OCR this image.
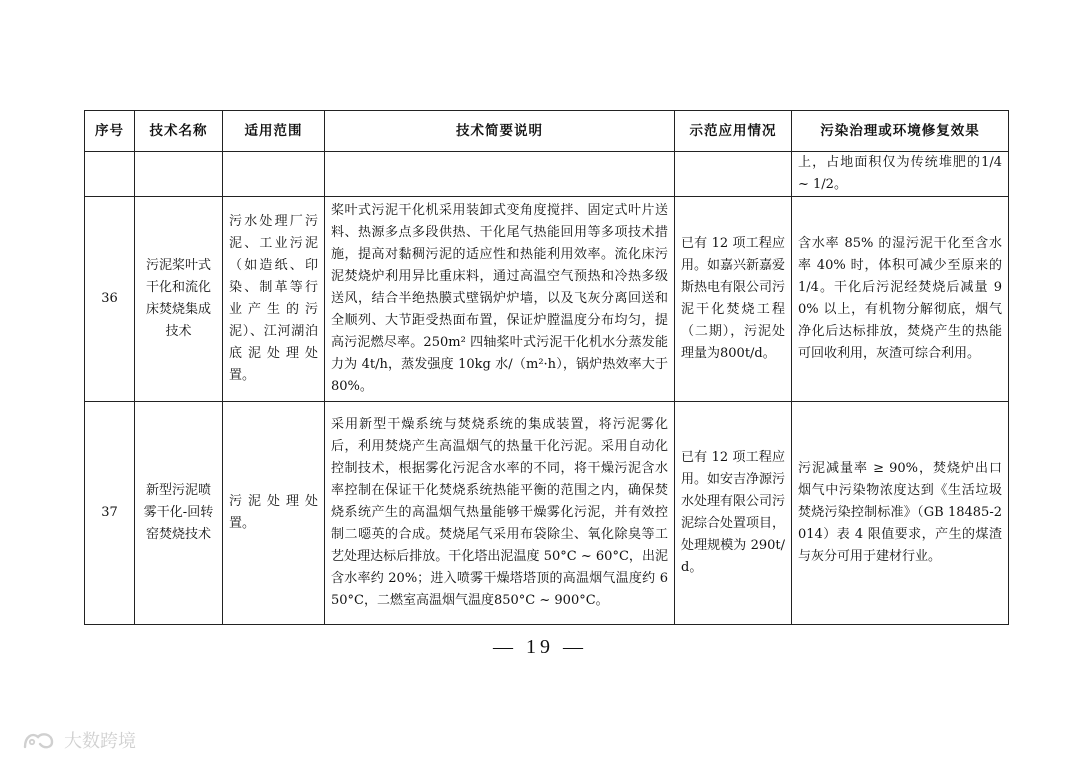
序号	技术名称	适用范围	技术简要说明	示范应用情况	污染治理或环境修复效果
					上，占地面积仅为传统堆肥的1/4 ~ 1/2。
36	污泥桨叶式干化和流化床焚烧集成技术	污水处理厂污泥、工业污泥（如造纸、印染、制革等行业产生的污泥）、江河湖泊底泥处理处置。	桨叶式污泥干化机采用装卸式变角度搅拌、固定式叶片送料、热源多点多段供热、干化尾气热能回用等多项技术措施，提高对黏稠污泥的适应性和热能利用效率。流化床污泥焚烧炉利用异比重床料，通过高温空气预热和冷热多级送风，结合半绝热膜式壁锅炉炉墙，以及飞灰分离回送和全顺列、大节距受热面布置，保证炉膛温度分布均匀，提高污泥燃尽率。250m² 四轴桨叶式污泥干化机水分蒸发能力为 4t/h，蒸发强度 10kg 水/（m²·h），锅炉热效率大于 80%。	已有 12 项工程应用。如嘉兴新嘉爱斯热电有限公司污泥干化焚烧工程（二期），污泥处理量为800t/d。	含水率 85% 的湿污泥干化至含水率 40% 时，体积可减少至原来的 1/4。干化后污泥经焚烧后减量 90% 以上，有机物分解彻底，烟气净化后达标排放，焚烧产生的热能可回收利用，灰渣可综合利用。
37	新型污泥喷雾干化-回转窑焚烧技术	污泥处理处置。	采用新型干燥系统与焚烧系统的集成装置，将污泥雾化后，利用焚烧产生高温烟气的热量干化污泥。采用自动化控制技术，根据雾化污泥含水率的不同，将干燥污泥含水率控制在保证干化焚烧系统热能平衡的范围之内，确保焚烧系统产生的高温烟气热量能够干燥雾化污泥，并有效控制二噁英的合成。焚烧尾气采用布袋除尘、氧化除臭等工艺处理达标后排放。干化塔出泥温度 50°C ~ 60°C，出泥含水率约 20%；进入喷雾干燥塔塔顶的高温烟气温度约 650°C，二燃室高温烟气温度850°C ~ 900°C。	已有 12 项工程应用。如安吉净源污水处理有限公司污泥综合处置项目，处理规模为 290t/d。	污泥减量率 ≥ 90%，焚烧炉出口烟气中污染物浓度达到《生活垃圾焚烧污染控制标准》（GB 18485-2014）表 4 限值要求，产生的煤渣与灰分可用于建材行业。
— 19 —
大数跨境
